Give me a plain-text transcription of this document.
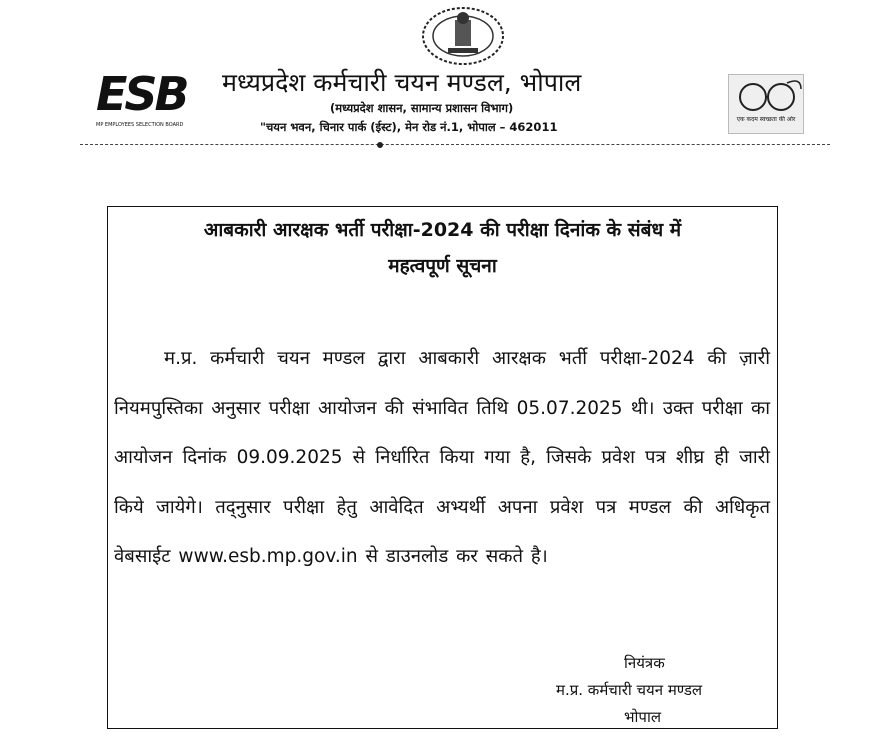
ESB
MP EMPLOYEES SELECTION BOARD
मध्यप्रदेश कर्मचारी चयन मण्डल, भोपाल
(मध्यप्रदेश शासन, सामान्य प्रशासन विभाग)
"चयन भवन, चिनार पार्क (ईस्ट), मेन रोड नं.1, भोपाल – 462011
एक कदम स्वच्छता की ओर
आबकारी आरक्षक भर्ती परीक्षा-2024 की परीक्षा दिनांक के संबंध में
महत्वपूर्ण सूचना
म.प्र. कर्मचारी चयन मण्डल द्वारा आबकारी आरक्षक भर्ती परीक्षा-2024 की ज़ारी नियमपुस्तिका अनुसार परीक्षा आयोजन की संभावित तिथि 05.07.2025 थी। उक्त परीक्षा का आयोजन दिनांक 09.09.2025 से निर्धारित किया गया है, जिसके प्रवेश पत्र शीघ्र ही जारी किये जायेगे। तद्नुसार परीक्षा हेतु आवेदित अभ्यर्थी अपना प्रवेश पत्र मण्डल की अधिकृत वेबसाईट www.esb.mp.gov.in से डाउनलोड कर सकते है।
नियंत्रक
म.प्र. कर्मचारी चयन मण्डल
भोपाल
